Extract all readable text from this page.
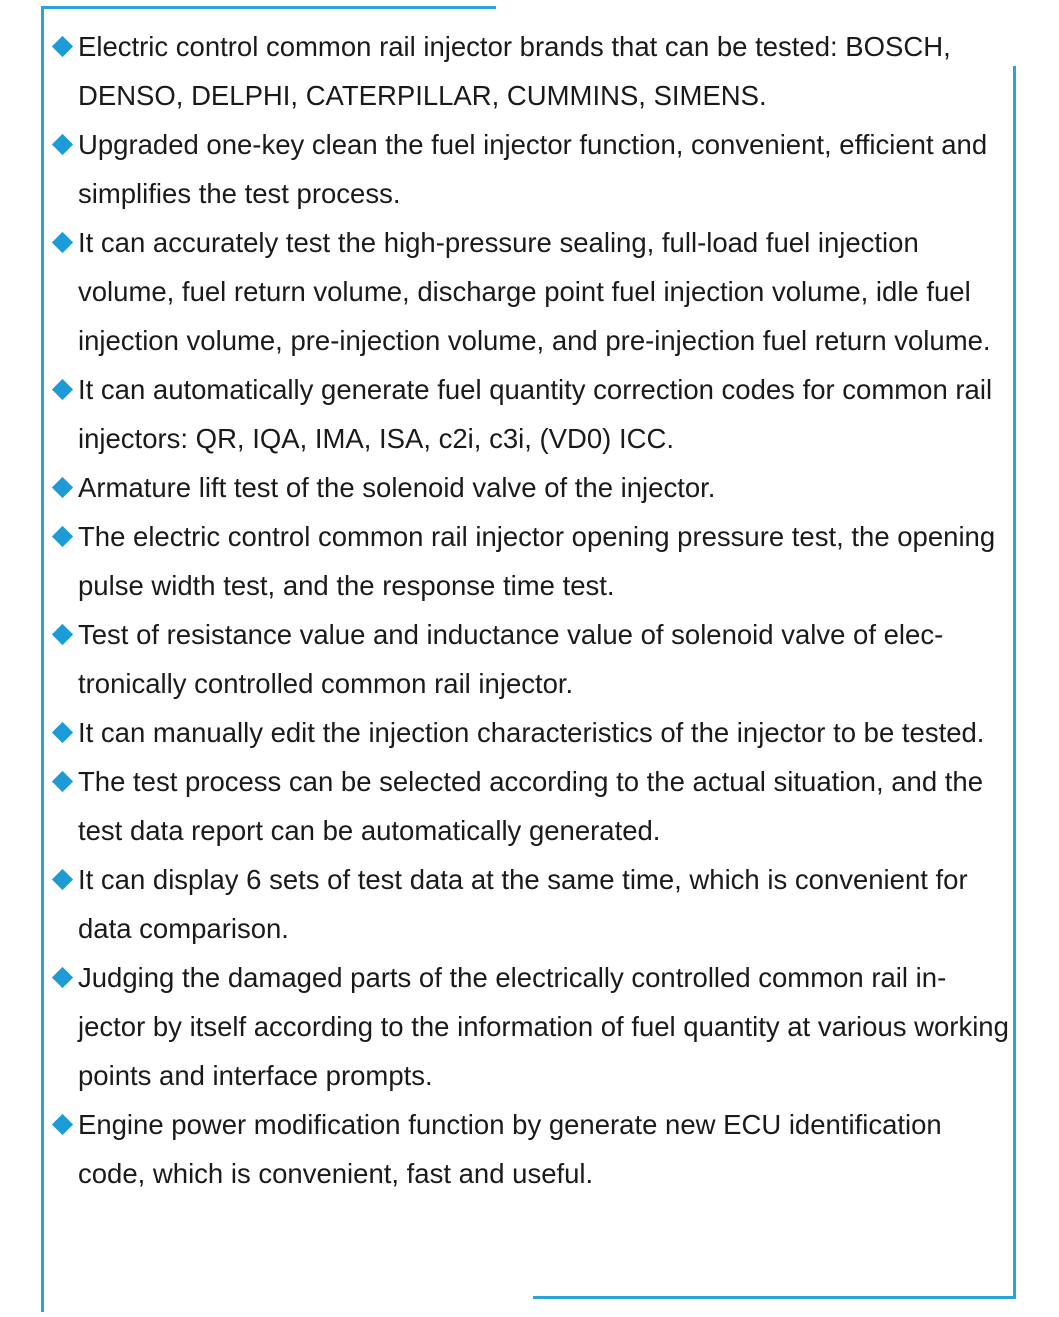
Electric control common rail injector brands that can be tested: BOSCH, DENSO, DELPHI, CATERPILLAR, CUMMINS, SIMENS.
Upgraded one-key clean the fuel injector function, convenient, efficient and simplifies the test process.
It can accurately test the high-pressure sealing, full-load fuel injection volume, fuel return volume, discharge point fuel injection volume, idle fuel injection volume, pre-injection volume, and pre-injection fuel return volume.
It can automatically generate fuel quantity correction codes for common rail injectors: QR, IQA, IMA, ISA, c2i, c3i, (VD0) ICC.
Armature lift test of the solenoid valve of the injector.
The electric control common rail injector opening pressure test, the opening pulse width test, and the response time test.
Test of resistance value and inductance value of solenoid valve of elec-tronically controlled common rail injector.
It can manually edit the injection characteristics of the injector to be tested.
The test process can be selected according to the actual situation, and the test data report can be automatically generated.
It can display 6 sets of test data at the same time, which is convenient for data comparison.
Judging the damaged parts of the electrically controlled common rail in-jector by itself according to the information of fuel quantity at various working points and interface prompts.
Engine power modification function by generate new ECU identification code, which is convenient, fast and useful.
